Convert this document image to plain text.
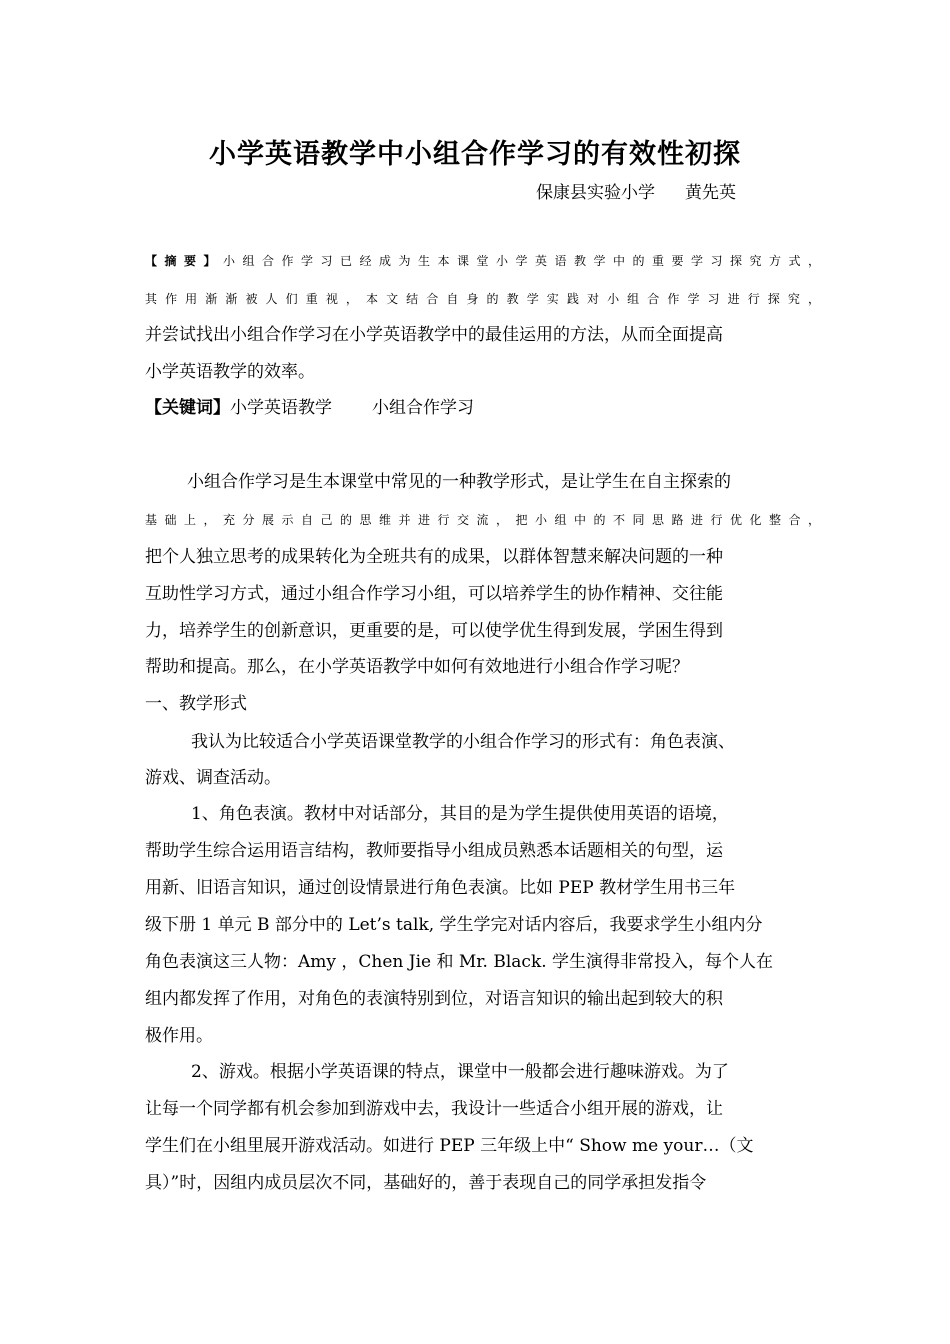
小学英语教学中小组合作学习的有效性初探
保康县实验小学 黄先英
【摘要】小组合作学习已经成为生本课堂小学英语教学中的重要学习探究方式，
其作用渐渐被人们重视，本文结合自身的教学实践对小组合作学习进行探究，
并尝试找出小组合作学习在小学英语教学中的最佳运用的方法，从而全面提高
小学英语教学的效率。
【关键词】小学英语教学 小组合作学习
小组合作学习是生本课堂中常见的一种教学形式，是让学生在自主探索的
基础上，充分展示自己的思维并进行交流，把小组中的不同思路进行优化整合，
把个人独立思考的成果转化为全班共有的成果，以群体智慧来解决问题的一种
互助性学习方式，通过小组合作学习小组，可以培养学生的协作精神、交往能
力，培养学生的创新意识，更重要的是，可以使学优生得到发展，学困生得到
帮助和提高。那么，在小学英语教学中如何有效地进行小组合作学习呢？
一、教学形式
我认为比较适合小学英语课堂教学的小组合作学习的形式有：角色表演、
游戏、调查活动。
1、角色表演。教材中对话部分，其目的是为学生提供使用英语的语境，
帮助学生综合运用语言结构，教师要指导小组成员熟悉本话题相关的句型，运
用新、旧语言知识，通过创设情景进行角色表演。比如 PEP 教材学生用书三年
级下册 1 单元 B 部分中的 Let’s talk, 学生学完对话内容后，我要求学生小组内分
角色表演这三人物：Amy ，Chen Jie 和 Mr. Black. 学生演得非常投入，每个人在
组内都发挥了作用，对角色的表演特别到位，对语言知识的输出起到较大的积
极作用。
2、游戏。根据小学英语课的特点，课堂中一般都会进行趣味游戏。为了
让每一个同学都有机会参加到游戏中去，我设计一些适合小组开展的游戏，让
学生们在小组里展开游戏活动。如进行 PEP 三年级上中“ Show me your…（文
具）”时，因组内成员层次不同，基础好的，善于表现自己的同学承担发指令
